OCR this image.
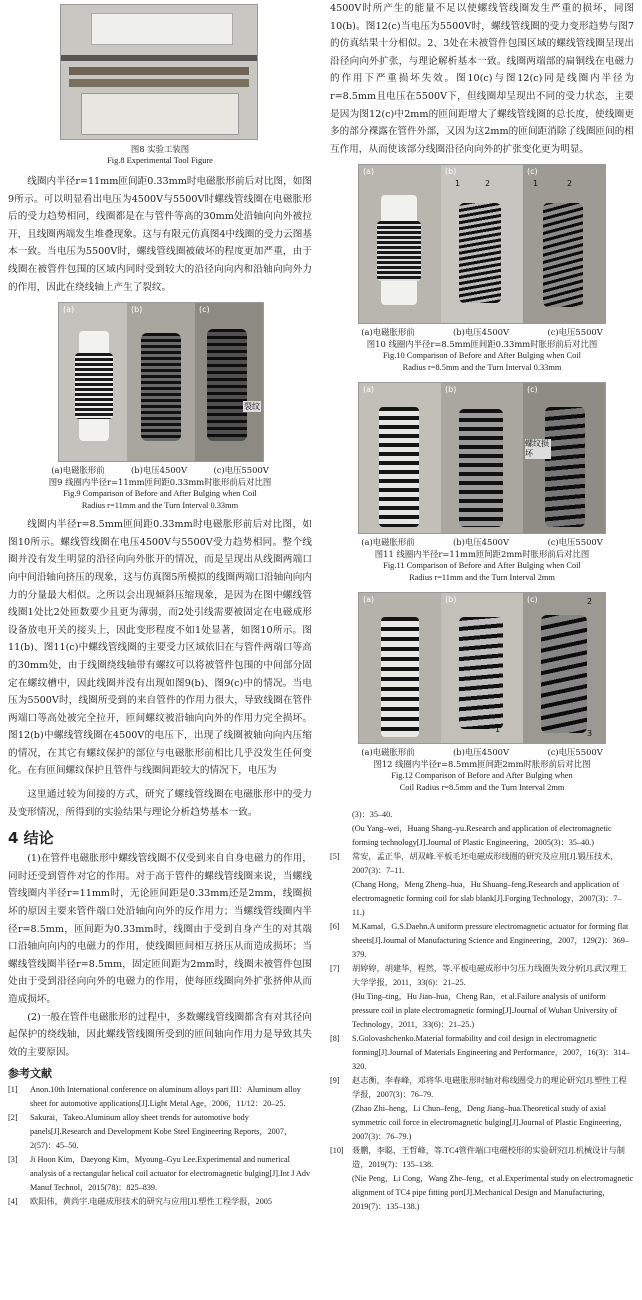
图8 实验工装图
Fig.8 Experimental Tool Figure

线圈内半径r=11mm匝间距0.33mm时电磁胀形前后对比图，如图9所示。可以明显看出电压为4500V与5500V时螺线管线圈在电磁胀形后的受力趋势相同，线圈都是在与管件等高的30mm处沿轴向向外被拉开，且线圈两端发生堆叠现象。这与有限元仿真图4中线圈的受力云图基本一致。当电压为5500V时，螺线管线圈被破坏的程度更加严重，由于线圈在被管件包围的区域内同时受到较大的沿径向向内和沿轴向向外力的作用，因此在绕线轴上产生了裂纹。

(a)	(b)	(c)
裂纹
(a)电磁胀形前	(b)电压4500V	(c)电压5500V
图9 线圈内半径r=11mm匝间距0.33mm时胀形前后对比图
Fig.9 Comparison of Before and After Bulging when Coil
Radius r=11mm and the Turn Interval 0.33mm

线圈内半径r=8.5mm匝间距0.33mm时电磁胀形前后对比图，如图10所示。螺线管线圈在电压4500V与5500V受力趋势相同。整个线圈并没有发生明显的沿径向向外胀开的情况，而是呈现出从线圈两端口向中间沿轴向挤压的现象，这与仿真图5所模拟的线圈两端口沿轴向向内力的分量最大相似。之所以会出现倾斜压缩现象，是因为在图中螺线管线圈1处比2处匝数要少且更为薄弱，而2处引线需要被固定在电磁成形设备放电开关的接头上，因此变形程度不如1处显著，如图10所示。图11(b)、图11(c)中螺线管线圈的主要受力区域依旧在与管件两端口等高的30mm处，由于线圈绕线轴带有螺纹可以将被管件包围的中间部分固定在螺纹槽中，因此线圈并没有出现如图9(b)、图9(c)中的情况。当电压为5500V时，线圈所受到的来自管件的作用力很大，导致线圈在管件两端口等高处被完全拉开，匝间螺纹被沿轴向向外的作用力完全损坏。图12(b)中螺线管线圈在4500V的电压下，出现了线圈被轴向向内压缩的情况，在其它有螺纹保护的部位与电磁胀形前相比几乎没发生任何变化。在有匝间螺纹保护且管件与线圈间距较大的情况下，电压为

这里通过较为间接的方式，研究了螺线管线圈在电磁胀形中的受力及变形情况，所得到的实验结果与理论分析趋势基本一致。

4 结论

(1)在管件电磁胀形中螺线管线圈不仅受到来自自身电磁力的作用，同时还受到管件对它的作用。对于高于管件的螺线管线圈来说，当螺线管线圈内半径r=11mm时，无论匝间距是0.33mm还是2mm，线圈损坏的原因主要来管件端口处沿轴向向外的反作用力；当螺线管线圈内半径r=8.5mm，匝间距为0.33mm时，线圈由于受到自身产生的对其端口沿轴向向内的电磁力的作用，使线圈匝间相互挤压从而造成损坏；当螺线管线圈半径r=8.5mm，固定匝间距为2mm时，线圈未被管件包围处由于受到沿径向向外的电磁力的作用，使每匝线圈向外扩张挤伸从而造成损坏。

(2)一般在管件电磁胀形的过程中，多数螺线管线圈都含有对其径向起保护的绕线轴，因此螺线管线圈所受到的匝间轴向作用力是导致其失效的主要原因。

参考文献

[1] Anon.10th International conference on aluminum alloys part III：Aluminum alloy sheet for automotive applications[J].Light Metal Age，2006，11/12：20–25.

[2] Sakurai，Takeo.Aluminum alloy sheet trends for automotive body panels[J].Research and Development Kobe Steel Engineering Reports，2007，2(57)：45–50.

[3] Ji Hoon Kim，Daeyong Kim，Myoung–Gyu Lee.Experimental and numerical analysis of a rectangular helical coil actuator for electromagnetic bulging[J].Int J Adv Manuf Technol，2015(78)：825–839.

[4] 欧阳伟，黄尚宇.电磁成形技术的研究与应用[J].塑性工程学报，2005

4500V时所产生的能量不足以使螺线管线圈发生严重的损坏，同图10(b)。图12(c)当电压为5500V时，螺线管线圈的受力变形趋势与图7的仿真结果十分相似。2、3处在未被管件包围区域的螺线管线圈呈现出沿径向向外扩张，与理论解析基本一致。线圈两端部的扁铜线在电磁力的作用下严重损坏失效。图10(c)与图12(c)同是线圈内半径为r=8.5mm且电压在5500V下，但线圈却呈现出不同的受力状态，主要是因为图12(c)中2mm的匝间距增大了螺线管线圈的总长度，使线圈更多的部分裸露在管件外部，又因为这2mm的匝间距消除了线圈匝间的相互作用，从而使该部分线圈沿径向向外的扩张变化更为明显。

(a)	(b)
1	2
(c)
1	2
(a)电磁胀形前	(b)电压4500V	(c)电压5500V
图10 线圈内半径r=8.5mm匝间距0.33mm时胀形前后对比图
Fig.10 Comparison of Before and After Bulging when Coil
Radius r=8.5mm and the Turn Interval 0.33mm
(a)	(b)	(c)
螺纹损坏
(a)电磁胀形前	(b)电压4500V	(c)电压5500V
图11 线圈内半径r=11mm匝间距2mm时胀形前后对比图
Fig.11 Comparison of Before and After Bulging when Coil
Radius r=11mm and the Turn Interval 2mm
(a)	(b)
1
(c)	2
3
(a)电磁胀形前	(b)电压4500V	(c)电压5500V
图12 线圈内半径r=8.5mm匝间距2mm时胀形前后对比图
Fig.12 Comparison of Before and After Bulging when
Coil Radius r=8.5mm and the Turn Interval 2mm

(3)：35–40.

(Ou Yang–wei，Huang Shang–yu.Research and application of electromagnetic forming technology[J].Journal of Plastic Engineering，2005(3)：35–40.)

[5] 常安，孟正华，胡双峰.平板毛坯电磁成形线圈的研究及应用[J].锻压技术，2007(3)：7–11.

(Chang Hong，Meng Zheng–hua，Hu Shuang–feng.Research and application of electromagnetic forming coil for slab blank[J].Forging Technology，2007(3)：7–11.)

[6] M.Kamal，G.S.Daehn.A uniform pressure electromagnetic actuator for forming flat sheets[J].Journal of Manufacturing Science and Engineering，2007，129(2)：369–379.

[7] 胡婷婷，胡建华，程然，等.平板电磁成形中匀压力线圈失效分析[J].武汉理工大学学报，2011，33(6)：21–25.

(Hu Ting–ting，Hu Jian–hua，Cheng Ran，et al.Failure analysis of uniform pressure coil in plate electromagnetic forming[J].Journal of Wuhan University of Technology，2011，33(6)：21–25.)

[8] S.Golovashchenko.Material formability and coil design in electromagnetic forming[J].Journal of Materials Engineering and Performance，2007，16(3)：314–320.

[9] 赵志衡，李春峰，邓将华.电磁胀形时轴对称线圈受力的理论研究[J].塑性工程学报，2007(3)：76–79.

(Zhao Zhi–heng，Li Chun–feng，Deng Jiang–hua.Theoretical study of axial symmetric coil force in electromagnetic bulging[J].Journal of Plastic Engineering，2007(3)：76–79.)

[10] 聂鹏，李聪，王哲峰，等.TC4管件端口电磁校形的实验研究[J].机械设计与制造，2019(7)：135–138.

(Nie Peng，Li Cong，Wang Zhe–feng，et al.Experimental study on electromagnetic alignment of TC4 pipe fitting port[J].Mechanical Design and Manufacturing，2019(7)：135–138.)
